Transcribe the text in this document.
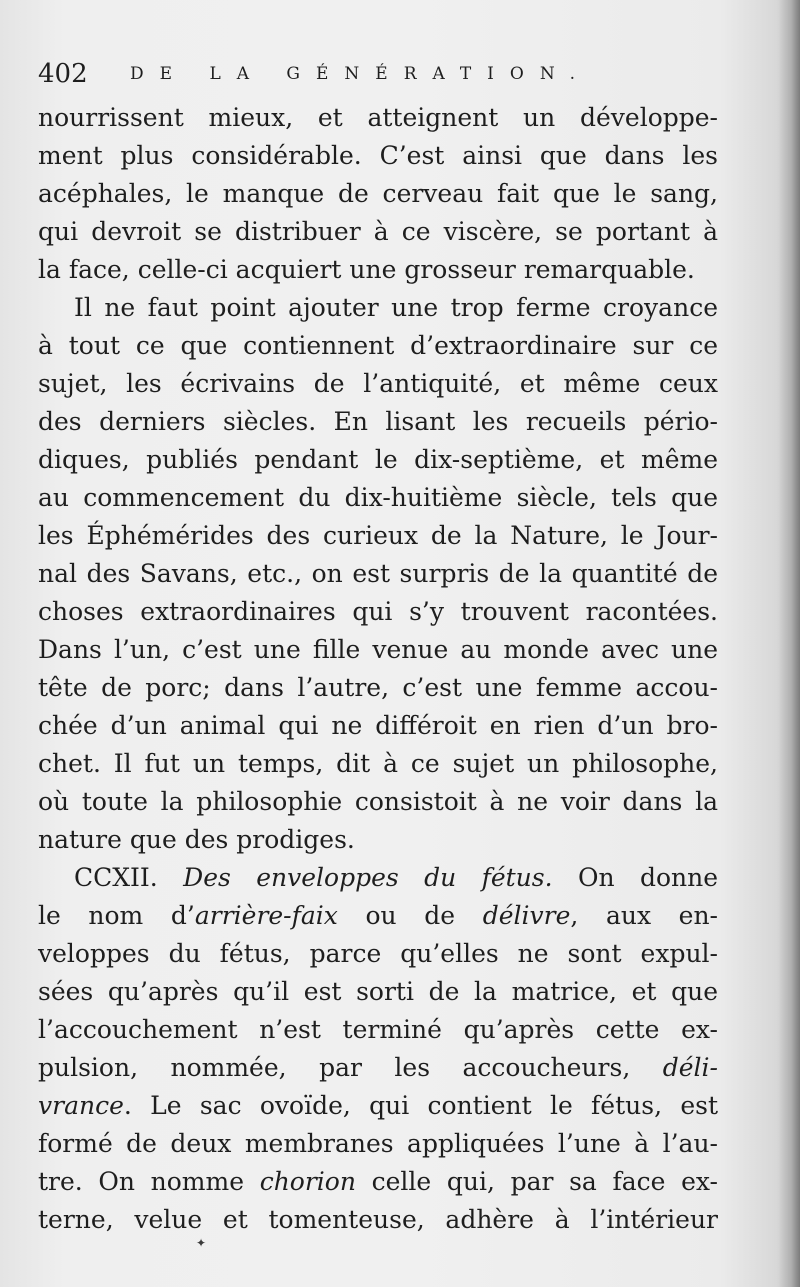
402 DE LA GÉNÉRATION.
nourrissent mieux, et atteignent un développe-
ment plus considérable. C’est ainsi que dans les
acéphales, le manque de cerveau fait que le sang,
qui devroit se distribuer à ce viscère, se portant à
la face, celle-ci acquiert une grosseur remarquable.
Il ne faut point ajouter une trop ferme croyance
à tout ce que contiennent d’extraordinaire sur ce
sujet, les écrivains de l’antiquité, et même ceux
des derniers siècles. En lisant les recueils pério-
diques, publiés pendant le dix-septième, et même
au commencement du dix-huitième siècle, tels que
les Éphémérides des curieux de la Nature, le Jour-
nal des Savans, etc., on est surpris de la quantité de
choses extraordinaires qui s’y trouvent racontées.
Dans l’un, c’est une fille venue au monde avec une
tête de porc; dans l’autre, c’est une femme accou-
chée d’un animal qui ne différoit en rien d’un bro-
chet. Il fut un temps, dit à ce sujet un philosophe,
où toute la philosophie consistoit à ne voir dans la
nature que des prodiges.
CCXII. Des enveloppes du fétus. On donne
le nom d’arrière-faix ou de délivre, aux en-
veloppes du fétus, parce qu’elles ne sont expul-
sées qu’après qu’il est sorti de la matrice, et que
l’accouchement n’est terminé qu’après cette ex-
pulsion, nommée, par les accoucheurs, déli-
vrance. Le sac ovoïde, qui contient le fétus, est
formé de deux membranes appliquées l’une à l’au-
tre. On nomme chorion celle qui, par sa face ex-
terne, velue et tomenteuse, adhère à l’intérieur
✦
